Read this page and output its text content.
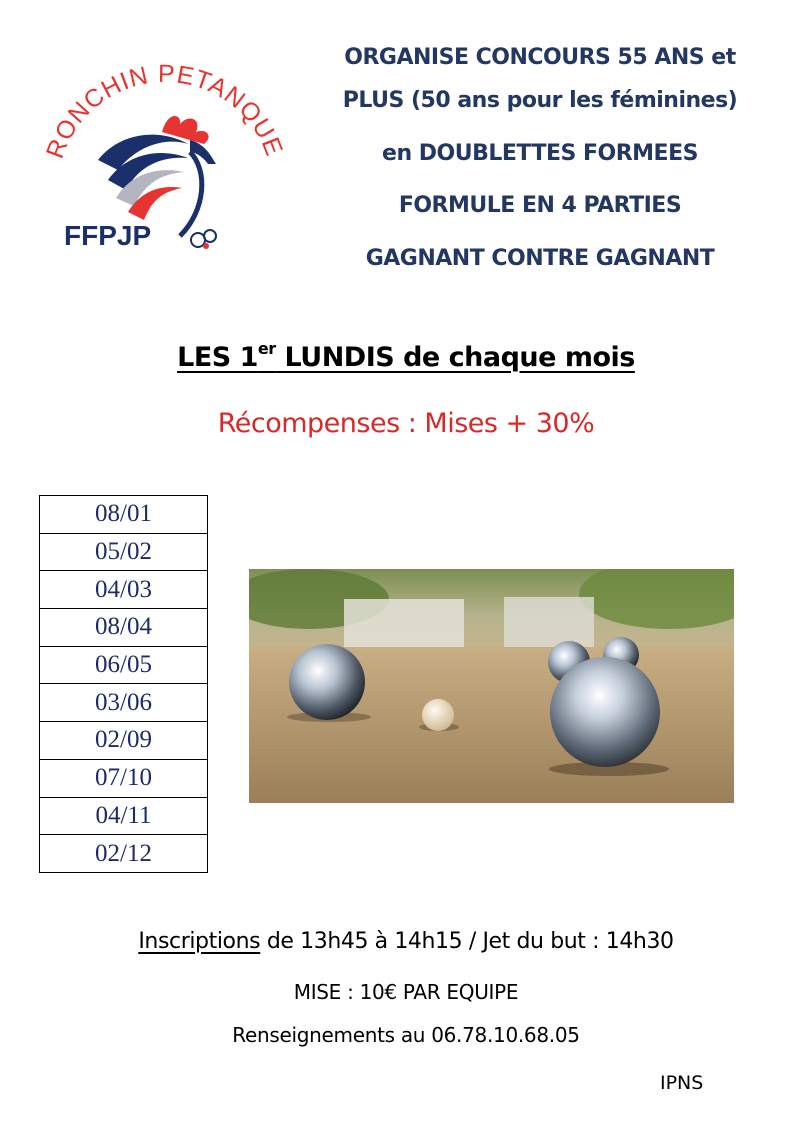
RONCHIN PETANQUE
FFPJP
ORGANISE CONCOURS 55 ANS et
PLUS (50 ans pour les féminines)
en DOUBLETTES FORMEES
FORMULE EN 4 PARTIES
GAGNANT CONTRE GAGNANT
LES 1er LUNDIS de chaque mois
Récompenses : Mises + 30%
08/01
05/02
04/03
08/04
06/05
03/06
02/09
07/10
04/11
02/12
Inscriptions de 13h45 à 14h15 / Jet du but : 14h30
MISE : 10€ PAR EQUIPE
Renseignements au 06.78.10.68.05
IPNS
